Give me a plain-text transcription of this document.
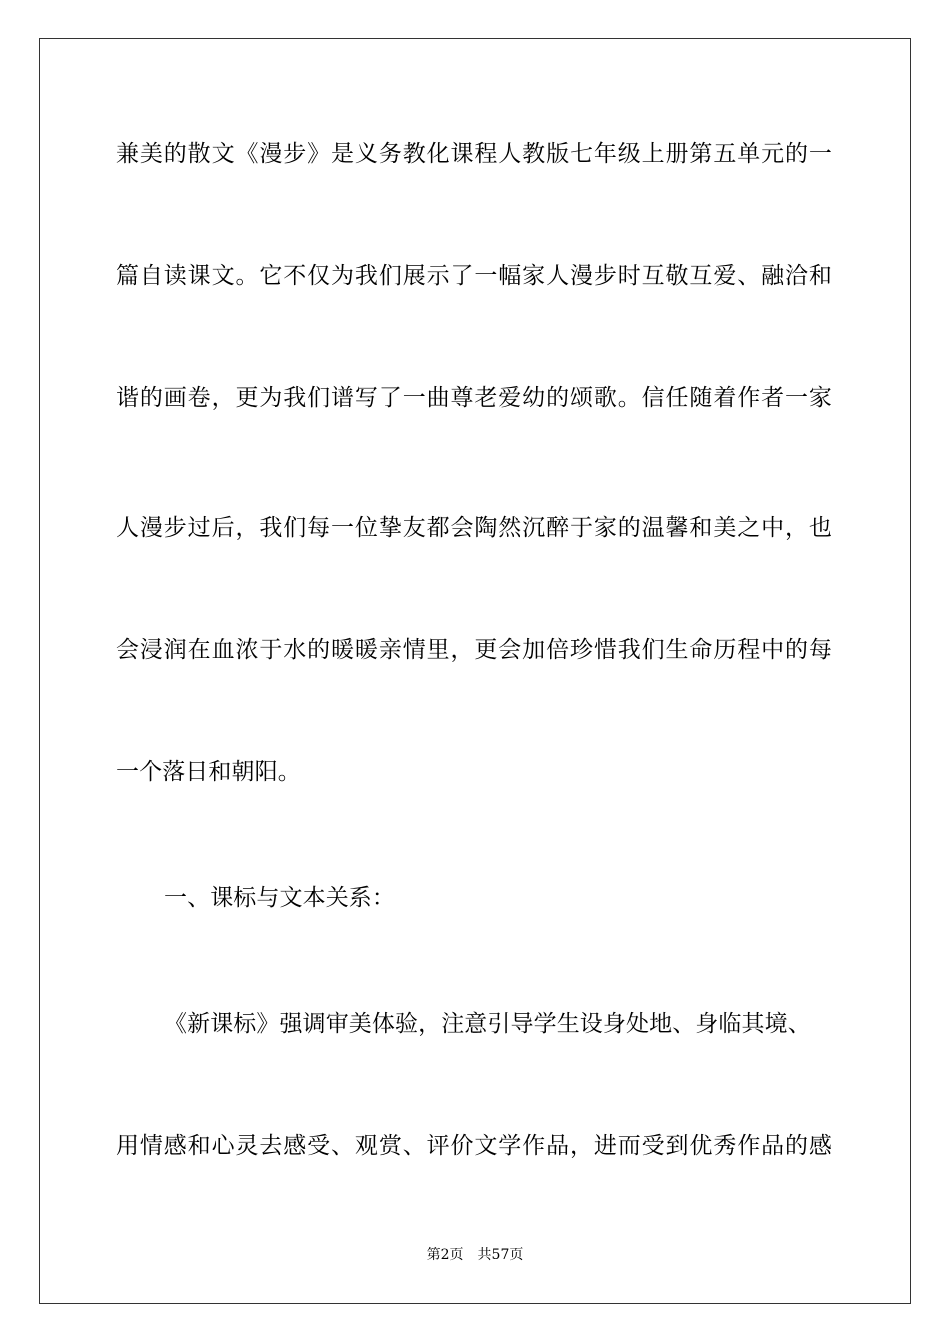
兼美的散文《漫步》是义务教化课程人教版七年级上册第五单元的一
篇自读课文。它不仅为我们展示了一幅家人漫步时互敬互爱、融洽和
谐的画卷，更为我们谱写了一曲尊老爱幼的颂歌。信任随着作者一家
人漫步过后，我们每一位挚友都会陶然沉醉于家的温馨和美之中，也
会浸润在血浓于水的暖暖亲情里，更会加倍珍惜我们生命历程中的每
一个落日和朝阳。
一、课标与文本关系：
《新课标》强调审美体验，注意引导学生设身处地、身临其境、
用情感和心灵去感受、观赏、评价文学作品，进而受到优秀作品的感
第2页 共57页
